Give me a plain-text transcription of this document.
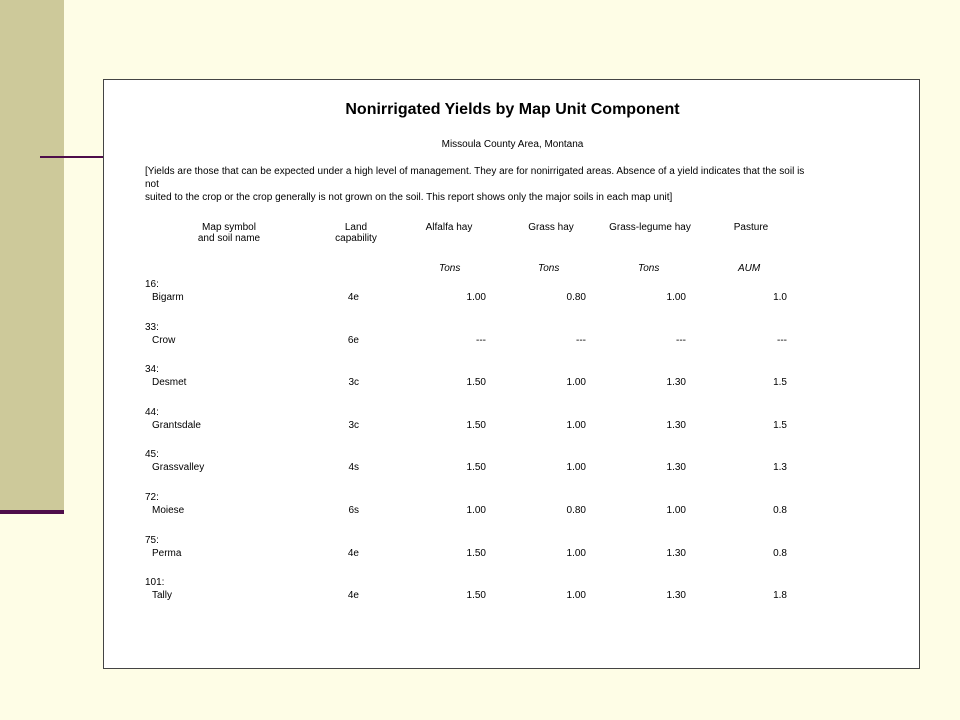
Nonirrigated Yields by Map Unit Component
Missoula County Area, Montana
[Yields are those that can be expected under a high level of management. They are for nonirrigated areas. Absence of a yield indicates that the soil is
not
suited to the crop or the crop generally is not grown on the soil. This report shows only the major soils in each map unit]
Map symbol
and soil name
Land
capability
Alfalfa hay	Grass hay	Grass-legume hay	Pasture
Tons	Tons	Tons	AUM
16:
Bigarm	4e	1.00	0.80	1.00	1.0
33:
Crow	6e	---	---	---	---
34:
Desmet	3c	1.50	1.00	1.30	1.5
44:
Grantsdale	3c	1.50	1.00	1.30	1.5
45:
Grassvalley	4s	1.50	1.00	1.30	1.3
72:
Moiese	6s	1.00	0.80	1.00	0.8
75:
Perma	4e	1.50	1.00	1.30	0.8
101:
Tally	4e	1.50	1.00	1.30	1.8
